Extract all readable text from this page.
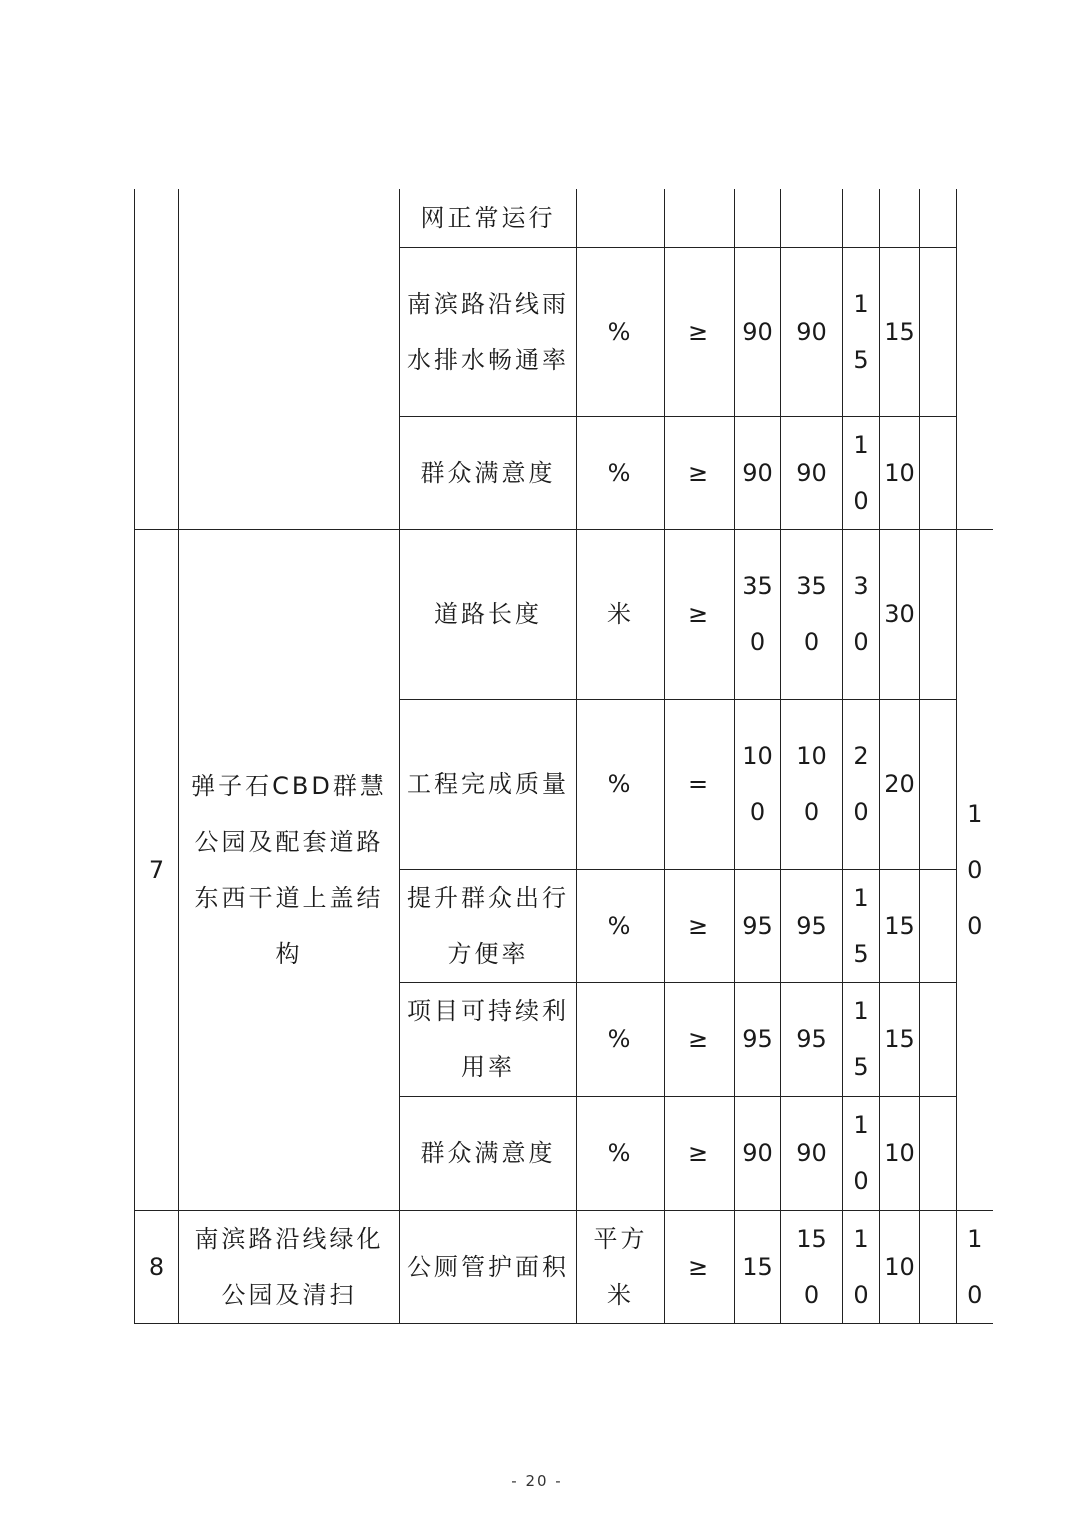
		网正常运行								
		南滨路沿线雨水排水畅通率	%	≥	90	90	15	15		
		群众满意度	%	≥	90	90	10	10		
7	弹子石CBD群慧公园及配套道路东西干道上盖结构	道路长度	米	≥	350	350	30	30		100
		工程完成质量	%	=	100	100	20	20		
		提升群众出行方便率	%	≥	95	95	15	15		
		项目可持续利用率	%	≥	95	95	15	15		
		群众满意度	%	≥	90	90	10	10		
8	南滨路沿线绿化公园及清扫	公厕管护面积	平方米	≥	15	150	10	10		10
- 20 -
